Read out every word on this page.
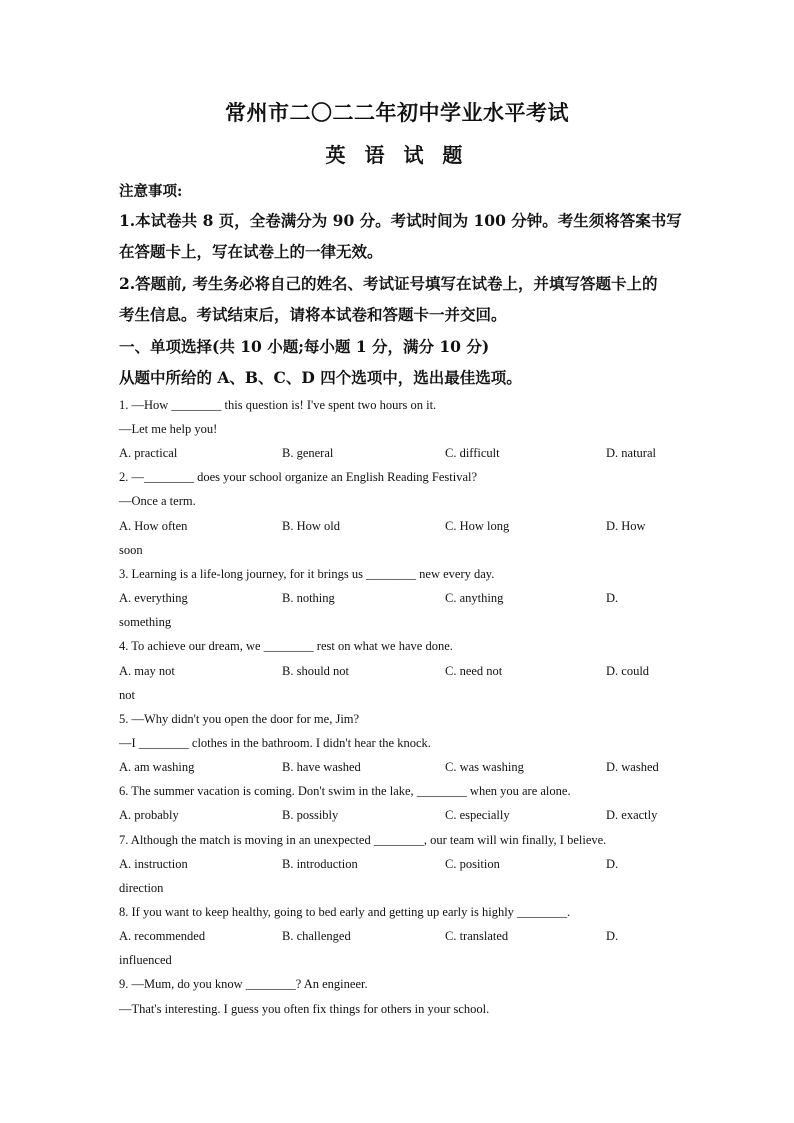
常州市二〇二二年初中学业水平考试
英 语 试 题
注意事项:
1.本试卷共 8 页，全卷满分为 90 分。考试时间为 100 分钟。考生须将答案书写
在答题卡上，写在试卷上的一律无效。
2.答题前, 考生务必将自己的姓名、考试证号填写在试卷上，并填写答题卡上的
考生信息。考试结束后，请将本试卷和答题卡一并交回。
一、单项选择(共 10 小题;每小题 1 分，满分 10 分)
从题中所给的 A、B、C、D 四个选项中，选出最佳选项。
1. —How ________ this question is! I've spent two hours on it.
—Let me help you!
A. practical	B. general	C. difficult	D. natural
2. —________ does your school organize an English Reading Festival?
—Once a term.
A. How often	B. How old	C. How long	D. How
soon
3. Learning is a life-long journey, for it brings us ________ new every day.
A. everything	B. nothing	C. anything	D.
something
4. To achieve our dream, we ________ rest on what we have done.
A. may not	B. should not	C. need not	D. could
not
5. —Why didn't you open the door for me, Jim?
—I ________ clothes in the bathroom. I didn't hear the knock.
A. am washing	B. have washed	C. was washing	D. washed
6. The summer vacation is coming. Don't swim in the lake, ________ when you are alone.
A. probably	B. possibly	C. especially	D. exactly
7. Although the match is moving in an unexpected ________, our team will win finally, I believe.
A. instruction	B. introduction	C. position	D.
direction
8. If you want to keep healthy, going to bed early and getting up early is highly ________.
A. recommended	B. challenged	C. translated	D.
influenced
9. —Mum, do you know ________? An engineer.
—That's interesting. I guess you often fix things for others in your school.
